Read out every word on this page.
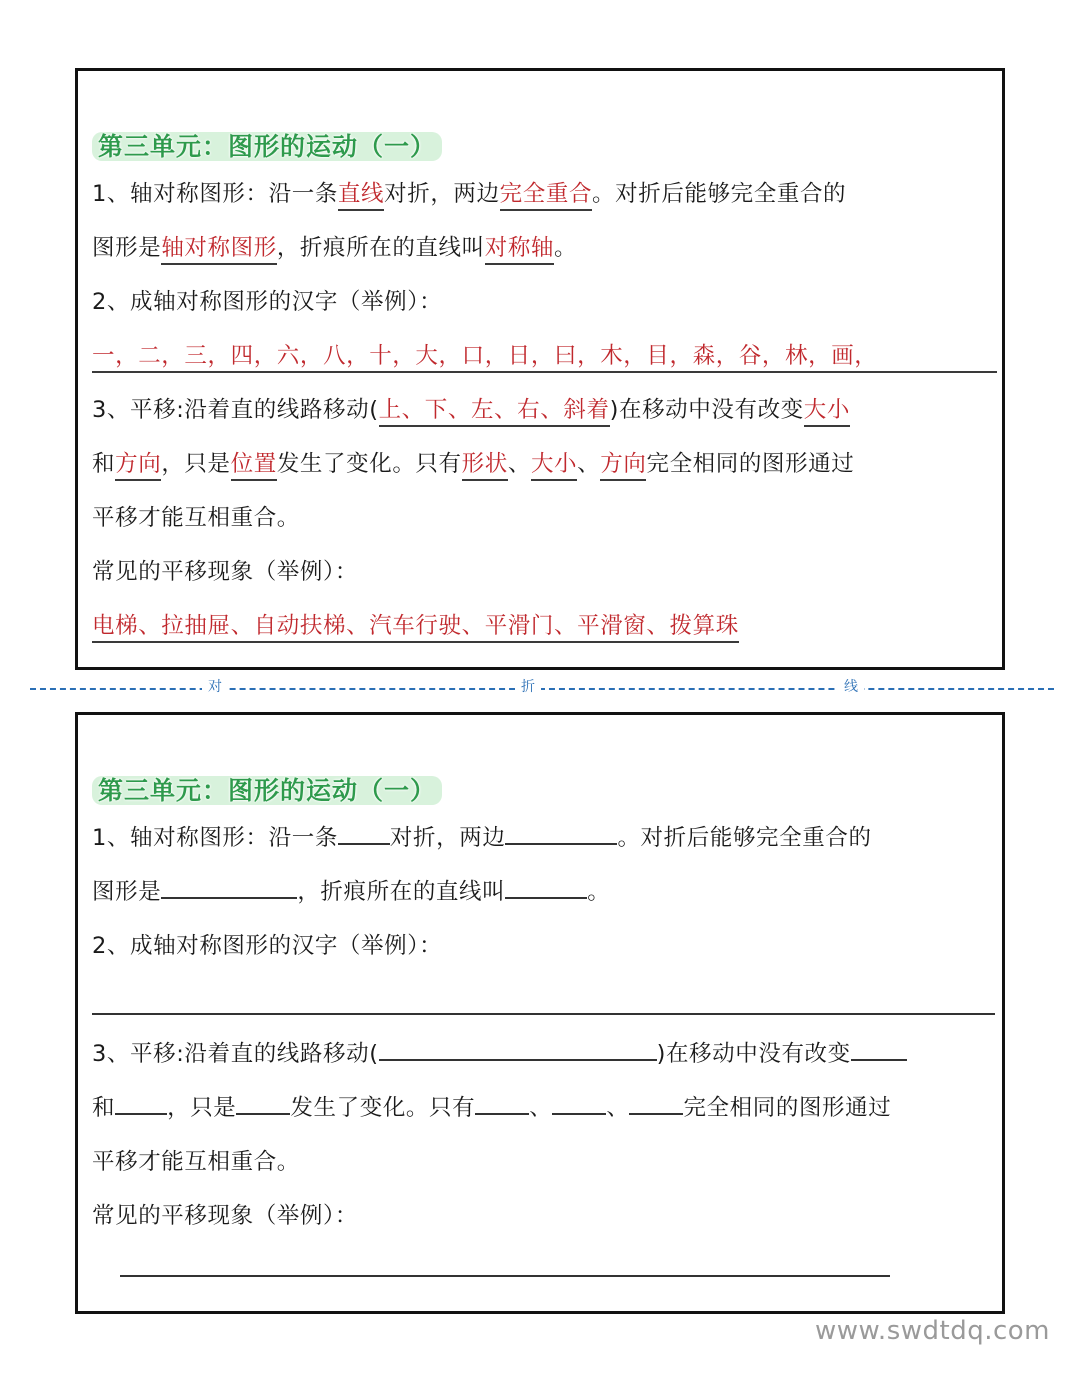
第三单元：图形的运动（一）
1、轴对称图形：沿一条直线对折，两边完全重合。对折后能够完全重合的
图形是轴对称图形，折痕所在的直线叫对称轴。
2、成轴对称图形的汉字（举例）：
一，二，三，四，六，八，十，大，口，日，曰，木，目，森，谷，林，画，
3、平移:沿着直的线路移动(上、下、左、右、斜着)在移动中没有改变大小
和方向，只是位置发生了变化。只有形状、大小、方向完全相同的图形通过
平移才能互相重合。
常见的平移现象（举例）：
电梯、拉抽屉、自动扶梯、汽车行驶、平滑门、平滑窗、拨算珠
对	折	线
第三单元：图形的运动（一）
1、轴对称图形：沿一条 对折，两边	。对折后能够完全重合的
图形是	，折痕所在的直线叫	。
2、成轴对称图形的汉字（举例）：
3、平移:沿着直的线路移动(	)在移动中没有改变
和 ，只是 发生了变化。只有 、 、 完全相同的图形通过
平移才能互相重合。
常见的平移现象（举例）：
www.swdtdq.com
